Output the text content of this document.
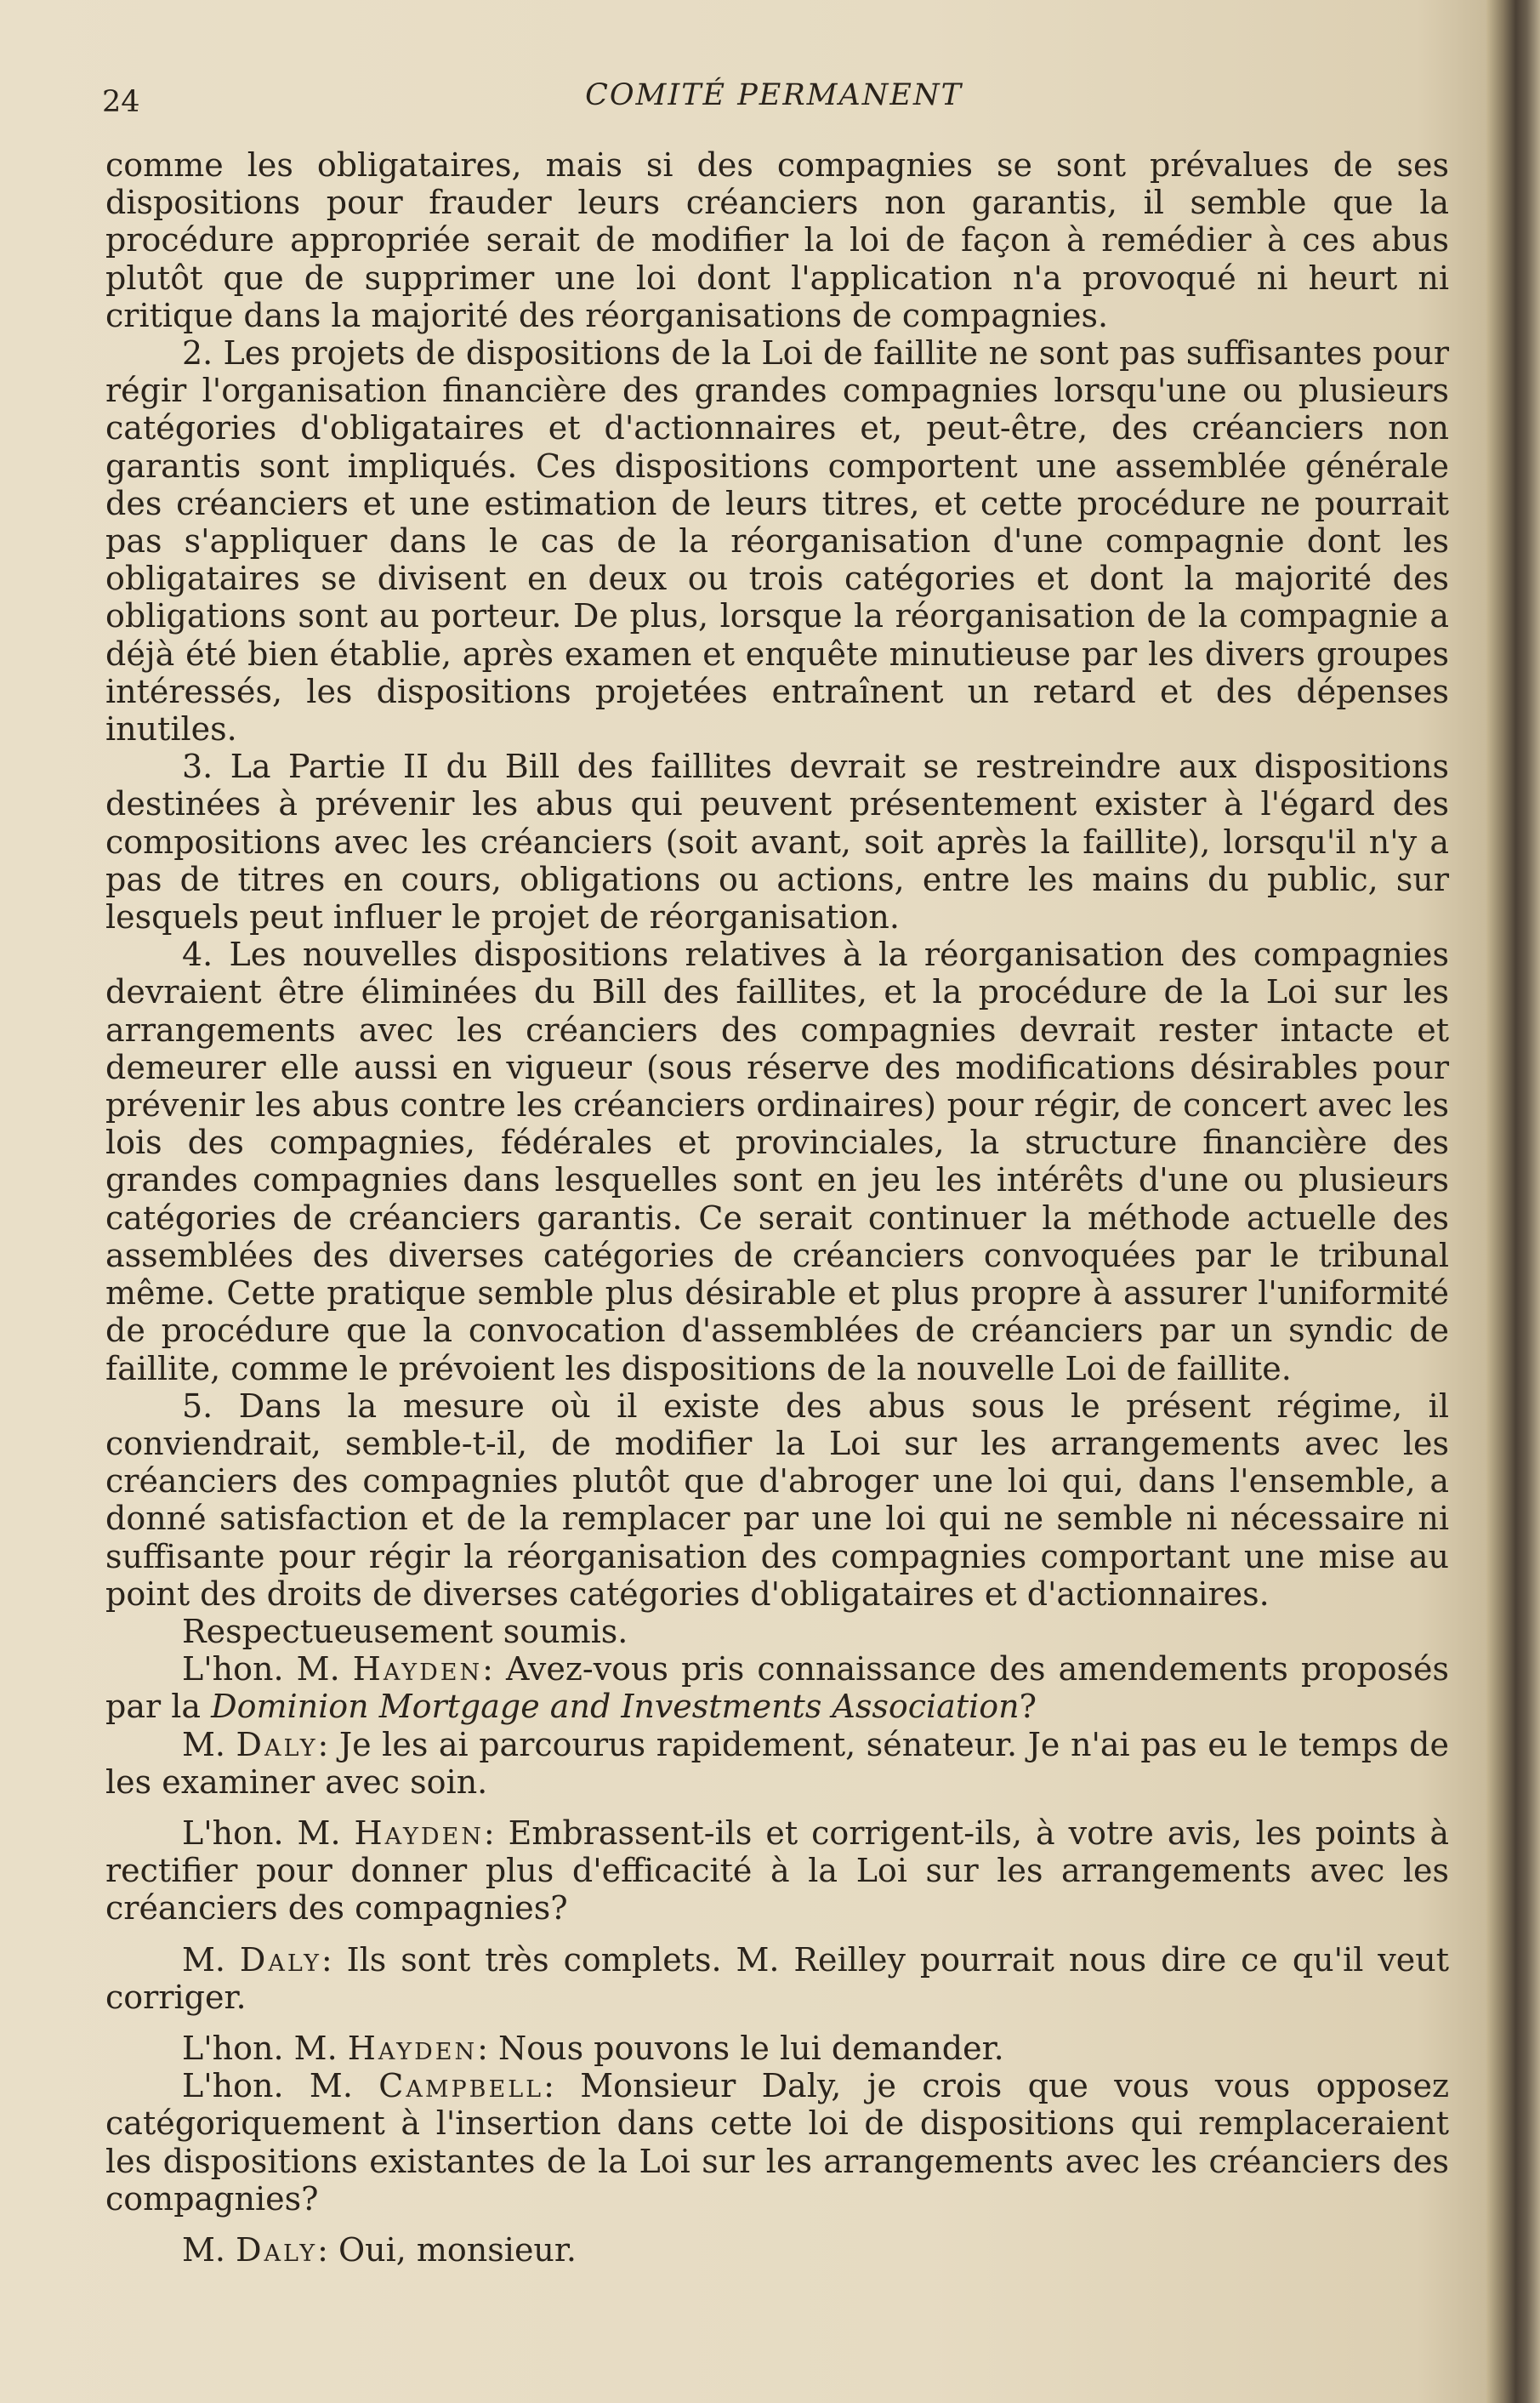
24	COMITÉ PERMANENT

comme les obligataires, mais si des compagnies se sont prévalues de ses dispositions pour frauder leurs créanciers non garantis, il semble que la procédure appropriée serait de modifier la loi de façon à remédier à ces abus plutôt que de supprimer une loi dont l'application n'a provoqué ni heurt ni critique dans la majorité des réorganisations de compagnies.

2. Les projets de dispositions de la Loi de faillite ne sont pas suffisantes pour régir l'organisation financière des grandes compagnies lorsqu'une ou plusieurs catégories d'obligataires et d'actionnaires et, peut-être, des créanciers non garantis sont impliqués. Ces dispositions comportent une assemblée générale des créanciers et une estimation de leurs titres, et cette procédure ne pourrait pas s'appliquer dans le cas de la réorganisation d'une compagnie dont les obligataires se divisent en deux ou trois catégories et dont la majorité des obligations sont au porteur. De plus, lorsque la réorganisation de la compagnie a déjà été bien établie, après examen et enquête minutieuse par les divers groupes intéressés, les dispositions projetées entraînent un retard et des dépenses inutiles.

3. La Partie II du Bill des faillites devrait se restreindre aux dispositions destinées à prévenir les abus qui peuvent présentement exister à l'égard des compositions avec les créanciers (soit avant, soit après la faillite), lorsqu'il n'y a pas de titres en cours, obligations ou actions, entre les mains du public, sur lesquels peut influer le projet de réorganisation.

4. Les nouvelles dispositions relatives à la réorganisation des compagnies devraient être éliminées du Bill des faillites, et la procédure de la Loi sur les arrangements avec les créanciers des compagnies devrait rester intacte et demeurer elle aussi en vigueur (sous réserve des modifications désirables pour prévenir les abus contre les créanciers ordinaires) pour régir, de concert avec les lois des compagnies, fédérales et provinciales, la structure financière des grandes compagnies dans lesquelles sont en jeu les intérêts d'une ou plusieurs catégories de créanciers garantis. Ce serait continuer la méthode actuelle des assemblées des diverses catégories de créanciers convoquées par le tribunal même. Cette pratique semble plus désirable et plus propre à assurer l'uniformité de procédure que la convocation d'assemblées de créanciers par un syndic de faillite, comme le prévoient les dispositions de la nouvelle Loi de faillite.

5. Dans la mesure où il existe des abus sous le présent régime, il conviendrait, semble-t-il, de modifier la Loi sur les arrangements avec les créanciers des compagnies plutôt que d'abroger une loi qui, dans l'ensemble, a donné satisfaction et de la remplacer par une loi qui ne semble ni nécessaire ni suffisante pour régir la réorganisation des compagnies comportant une mise au point des droits de diverses catégories d'obligataires et d'actionnaires.

Respectueusement soumis.

L'hon. M. Hayden: Avez-vous pris connaissance des amendements proposés par la Dominion Mortgage and Investments Association?

M. Daly: Je les ai parcourus rapidement, sénateur. Je n'ai pas eu le temps de les examiner avec soin.

L'hon. M. Hayden: Embrassent-ils et corrigent-ils, à votre avis, les points à rectifier pour donner plus d'efficacité à la Loi sur les arrangements avec les créanciers des compagnies?

M. Daly: Ils sont très complets. M. Reilley pourrait nous dire ce qu'il veut corriger.

L'hon. M. Hayden: Nous pouvons le lui demander.

L'hon. M. Campbell: Monsieur Daly, je crois que vous vous opposez catégoriquement à l'insertion dans cette loi de dispositions qui remplaceraient les dispositions existantes de la Loi sur les arrangements avec les créanciers des compagnies?

M. Daly: Oui, monsieur.
